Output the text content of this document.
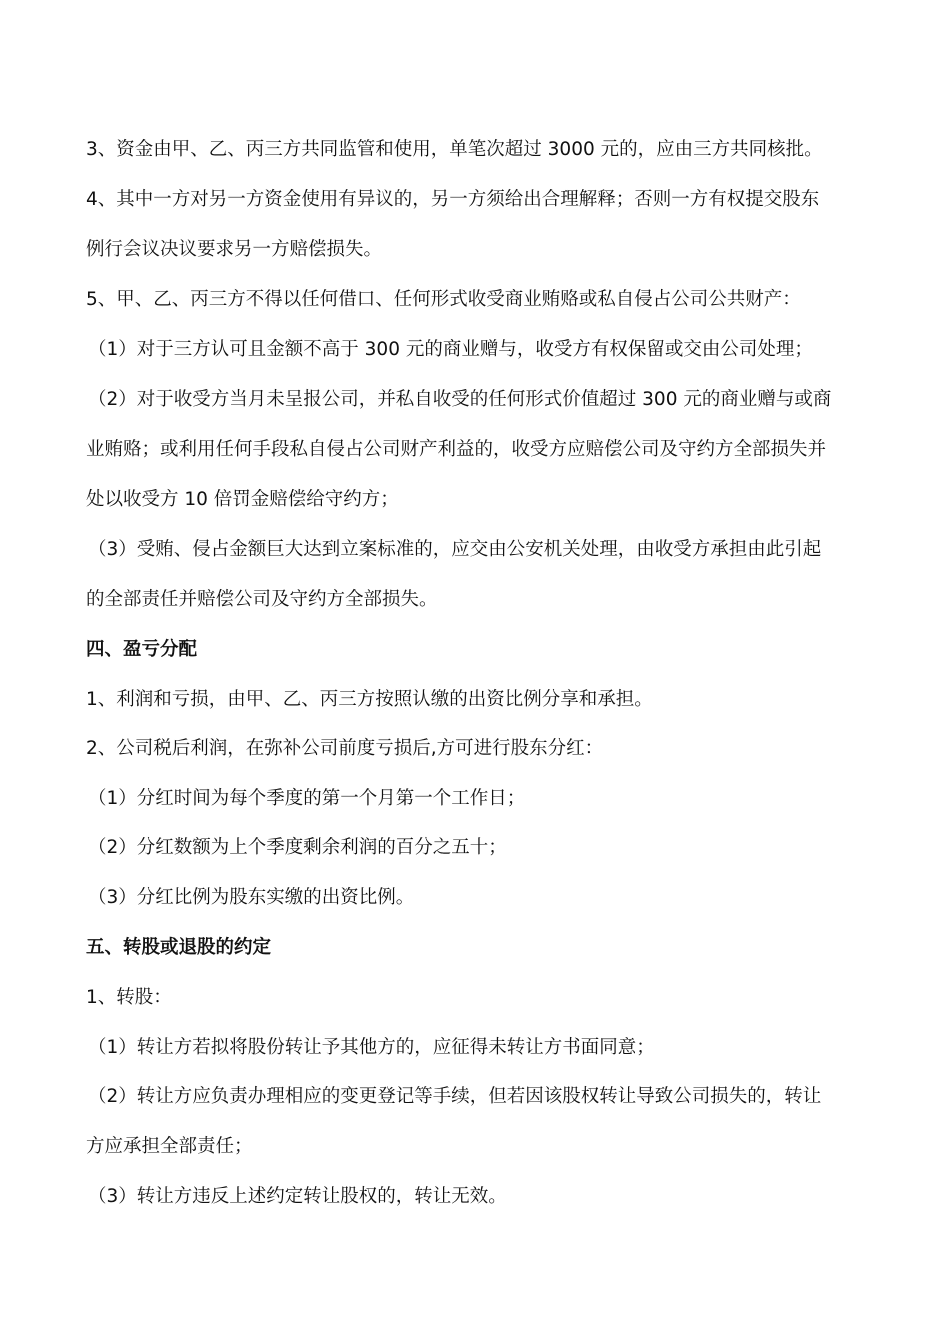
3、资金由甲、乙、丙三方共同监管和使用，单笔次超过 3000 元的，应由三方共同核批。
4、其中一方对另一方资金使用有异议的，另一方须给出合理解释；否则一方有权提交股东
例行会议决议要求另一方赔偿损失。
5、甲、乙、丙三方不得以任何借口、任何形式收受商业贿赂或私自侵占公司公共财产：
（1）对于三方认可且金额不高于 300 元的商业赠与，收受方有权保留或交由公司处理；
（2）对于收受方当月未呈报公司，并私自收受的任何形式价值超过 300 元的商业赠与或商
业贿赂；或利用任何手段私自侵占公司财产利益的，收受方应赔偿公司及守约方全部损失并
处以收受方 10 倍罚金赔偿给守约方；
（3）受贿、侵占金额巨大达到立案标准的，应交由公安机关处理，由收受方承担由此引起
的全部责任并赔偿公司及守约方全部损失。
四、盈亏分配
1、利润和亏损，由甲、乙、丙三方按照认缴的出资比例分享和承担。
2、公司税后利润，在弥补公司前度亏损后,方可进行股东分红：
（1）分红时间为每个季度的第一个月第一个工作日；
（2）分红数额为上个季度剩余利润的百分之五十；
（3）分红比例为股东实缴的出资比例。
五、转股或退股的约定
1、转股：
（1）转让方若拟将股份转让予其他方的，应征得未转让方书面同意；
（2）转让方应负责办理相应的变更登记等手续，但若因该股权转让导致公司损失的，转让
方应承担全部责任；
（3）转让方违反上述约定转让股权的，转让无效。
